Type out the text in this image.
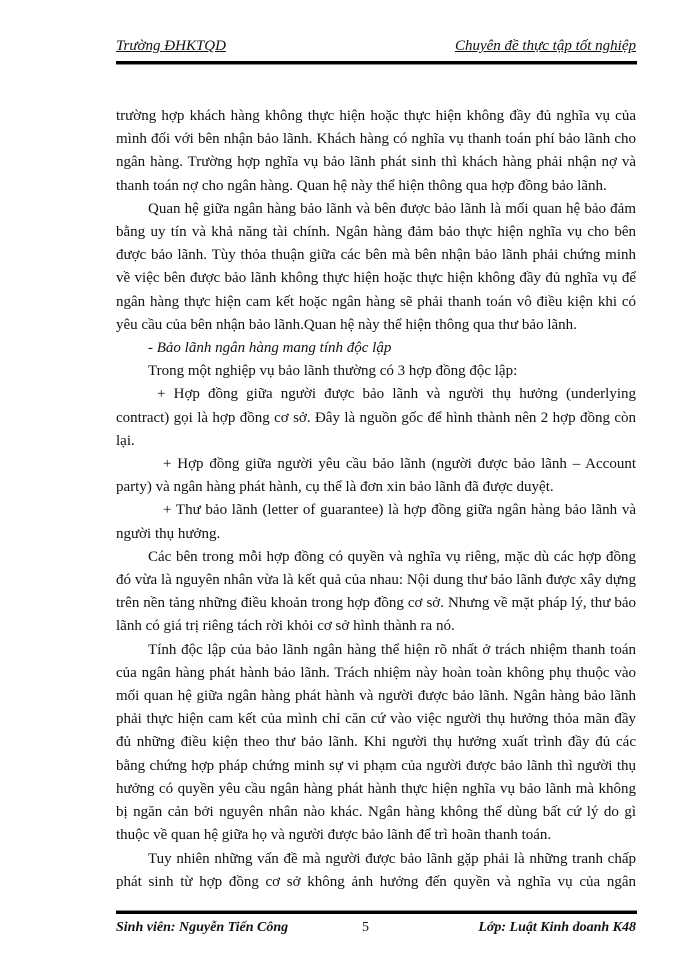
Trường ĐHKTQD	Chuyên đề thực tập tốt nghiệp

trường hợp khách hàng không thực hiện hoặc thực hiện không đầy đủ nghĩa vụ của mình đối với bên nhận bảo lãnh. Khách hàng có nghĩa vụ thanh toán phí bảo lãnh cho ngân hàng. Trường hợp nghĩa vụ bảo lãnh phát sinh thì khách hàng phải nhận nợ và thanh toán nợ cho ngân hàng. Quan hệ này thể hiện thông qua hợp đồng bảo lãnh.

Quan hệ giữa ngân hàng bảo lãnh và bên được bảo lãnh là mối quan hệ bảo đảm bằng uy tín và khả năng tài chính. Ngân hàng đảm bảo thực hiện nghĩa vụ cho bên được bảo lãnh. Tùy thỏa thuận giữa các bên mà bên nhận bảo lãnh phải chứng minh về việc bên được bảo lãnh không thực hiện hoặc thực hiện không đầy đủ nghĩa vụ để ngân hàng thực hiện cam kết hoặc ngân hàng sẽ phải thanh toán vô điều kiện khi có yêu cầu của bên nhận bảo lãnh.Quan hệ này thể hiện thông qua thư bảo lãnh.

- Bảo lãnh ngân hàng mang tính độc lập

Trong một nghiệp vụ bảo lãnh thường có 3 hợp đồng độc lập:

+ Hợp đồng giữa người được bảo lãnh và người thụ hưởng (underlying contract) gọi là hợp đồng cơ sở. Đây là nguồn gốc để hình thành nên 2 hợp đồng còn lại.

+ Hợp đồng giữa người yêu cầu bảo lãnh (người được bảo lãnh – Account party) và ngân hàng phát hành, cụ thể là đơn xin bảo lãnh đã được duyệt.

+ Thư bảo lãnh (letter of guarantee) là hợp đồng giữa ngân hàng bảo lãnh và người thụ hưởng.

Các bên trong mỗi hợp đồng có quyền và nghĩa vụ riêng, mặc dù các hợp đồng đó vừa là nguyên nhân vừa là kết quả của nhau: Nội dung thư bảo lãnh được xây dựng trên nền tảng những điều khoản trong hợp đồng cơ sở. Nhưng về mặt pháp lý, thư bảo lãnh có giá trị riêng tách rời khỏi cơ sở hình thành ra nó.

Tính độc lập của bảo lãnh ngân hàng thể hiện rõ nhất ở trách nhiệm thanh toán của ngân hàng phát hành bảo lãnh. Trách nhiệm này hoàn toàn không phụ thuộc vào mối quan hệ giữa ngân hàng phát hành và người được bảo lãnh. Ngân hàng bảo lãnh phải thực hiện cam kết của mình chỉ căn cứ vào việc người thụ hưởng thỏa mãn đầy đủ những điều kiện theo thư bảo lãnh. Khi người thụ hưởng xuất trình đầy đủ các bằng chứng hợp pháp chứng minh sự vi phạm của người được bảo lãnh thì người thụ hưởng có quyền yêu cầu ngân hàng phát hành thực hiện nghĩa vụ bảo lãnh mà không bị ngăn cản bởi nguyên nhân nào khác. Ngân hàng không thể dùng bất cứ lý do gì thuộc về quan hệ giữa họ và người được bảo lãnh để trì hoãn thanh toán.

Tuy nhiên những vấn đề mà người được bảo lãnh gặp phải là những tranh chấp phát sinh từ hợp đồng cơ sở không ảnh hưởng đến quyền và nghĩa vụ của ngân

Sinh viên: Nguyễn Tiến Công	5	Lớp: Luật Kinh doanh K48
